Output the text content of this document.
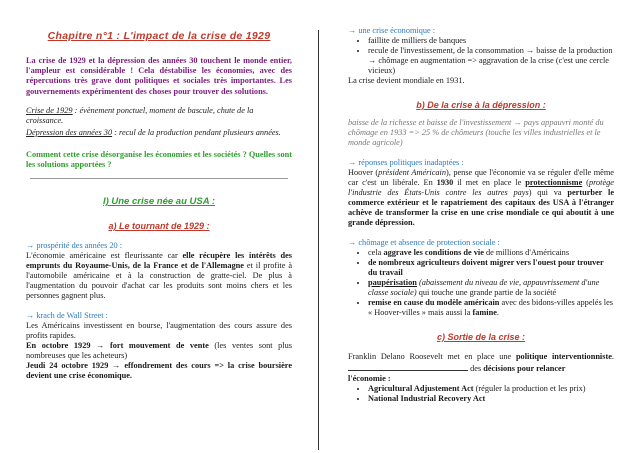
Chapitre n°1 : L'impact de la crise de 1929

La crise de 1929 et la dépression des années 30 touchent le monde entier, l'ampleur est considérable ! Cela déstabilise les économies, avec des répercutions très grave dont politiques et sociales très importantes. Les gouvernements expérimentent des choses pour trouver des solutions.

Crise de 1929 : évènement ponctuel, moment de bascule, chute de la croissance.

Dépression des années 30 : recul de la production pendant plusieurs années.

Comment cette crise désorganise les économies et les sociétés ? Quelles sont les solutions apportées ?

I) Une crise née au USA :

a) Le tournant de 1929 :

→ prospérité des années 20 :

L'économie américaine est fleurissante car elle récupère les intérêts des emprunts du Royaume-Unis, de la France et de l'Allemagne et il profite à l'automobile américaine et à la construction de gratte-ciel. De plus à l'augmentation du pouvoir d'achat car les produits sont moins chers et les personnes gagnent plus.

→ krach de Wall Street :

Les Américains investissent en bourse, l'augmentation des cours assure des profits rapides.

En octobre 1929 → fort mouvement de vente (les ventes sont plus nombreuses que les acheteurs)

Jeudi 24 octobre 1929 → effondrement des cours => la crise boursière devient une crise économique.

→ une crise économique :

• faillite de milliers de banques
• recule de l'investissement, de la consommation → baisse de la production → chômage en augmentation => aggravation de la crise (c'est une cercle vicieux)

La crise devient mondiale en 1931.

b) De la crise à la dépression :

baisse de la richesse et baisse de l'investissement → pays appauvri monté du chômage en 1933 => 25 % de chômeurs (touche les villes industrielles et le monde agricole)

→ réponses politiques inadaptées :

Hoover (président Américain), pense que l'économie va se réguler d'elle même car c'est un libérale. En 1930 il met en place le protectionnisme (protège l'industrie des États-Unis contre les autres pays) qui va perturber le commerce extérieur et le rapatriement des capitaux des USA à l'étranger achève de transformer la crise en une crise mondiale ce qui aboutit à une grande dépression.

→ chômage et absence de protection sociale :

• cela aggrave les conditions de vie de millions d'Américains
• de nombreux agriculteurs doivent migrer vers l'ouest pour trouver du travail
• paupérisation (abaissement du niveau de vie, appauvrissement d'une classe sociale) qui touche une grande partie de la société
• remise en cause du modèle américain avec des bidons-villes appelés les « Hoover-villes » mais aussi la famine.

c) Sortie de la crise :

Franklin Delano Roosevelt met en place une politique interventionniste.  des décisions pour relancer

l'économie :

• Agricultural Adjustement Act (réguler la production et les prix)
• National Industrial Recovery Act
